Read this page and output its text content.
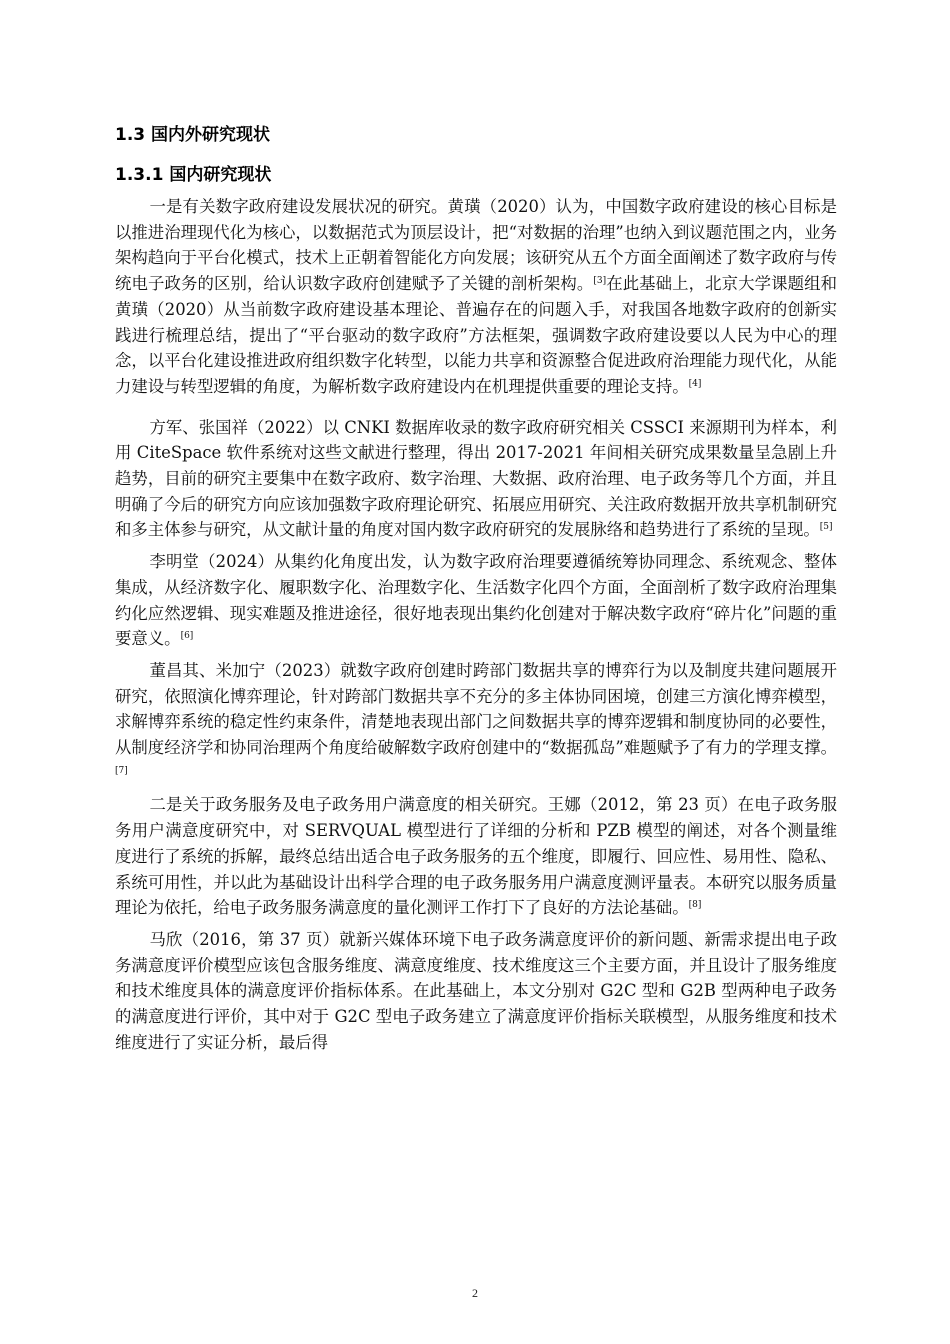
1.3 国内外研究现状
1.3.1 国内研究现状

一是有关数字政府建设发展状况的研究。黄璜（2020）认为，中国数字政府建设的核心目标是以推进治理现代化为核心，以数据范式为顶层设计，把“对数据的治理”也纳入到议题范围之内，业务架构趋向于平台化模式，技术上正朝着智能化方向发展；该研究从五个方面全面阐述了数字政府与传统电子政务的区别，给认识数字政府创建赋予了关键的剖析架构。[3]在此基础上，北京大学课题组和黄璜（2020）从当前数字政府建设基本理论、普遍存在的问题入手，对我国各地数字政府的创新实践进行梳理总结，提出了“平台驱动的数字政府”方法框架，强调数字政府建设要以人民为中心的理念，以平台化建设推进政府组织数字化转型，以能力共享和资源整合促进政府治理能力现代化，从能力建设与转型逻辑的角度，为解析数字政府建设内在机理提供重要的理论支持。[4]

方军、张国祥（2022）以 CNKI 数据库收录的数字政府研究相关 CSSCI 来源期刊为样本，利用 CiteSpace 软件系统对这些文献进行整理，得出 2017-2021 年间相关研究成果数量呈急剧上升趋势，目前的研究主要集中在数字政府、数字治理、大数据、政府治理、电子政务等几个方面，并且明确了今后的研究方向应该加强数字政府理论研究、拓展应用研究、关注政府数据开放共享机制研究和多主体参与研究，从文献计量的角度对国内数字政府研究的发展脉络和趋势进行了系统的呈现。[5]

李明堂（2024）从集约化角度出发，认为数字政府治理要遵循统筹协同理念、系统观念、整体集成，从经济数字化、履职数字化、治理数字化、生活数字化四个方面，全面剖析了数字政府治理集约化应然逻辑、现实难题及推进途径，很好地表现出集约化创建对于解决数字政府“碎片化”问题的重要意义。[6]

董昌其、米加宁（2023）就数字政府创建时跨部门数据共享的博弈行为以及制度共建问题展开研究，依照演化博弈理论，针对跨部门数据共享不充分的多主体协同困境，创建三方演化博弈模型，求解博弈系统的稳定性约束条件，清楚地表现出部门之间数据共享的博弈逻辑和制度协同的必要性，从制度经济学和协同治理两个角度给破解数字政府创建中的“数据孤岛”难题赋予了有力的学理支撑。[7]

二是关于政务服务及电子政务用户满意度的相关研究。王娜（2012，第 23 页）在电子政务服务用户满意度研究中，对 SERVQUAL 模型进行了详细的分析和 PZB 模型的阐述，对各个测量维度进行了系统的拆解，最终总结出适合电子政务服务的五个维度，即履行、回应性、易用性、隐私、系统可用性，并以此为基础设计出科学合理的电子政务服务用户满意度测评量表。本研究以服务质量理论为依托，给电子政务服务满意度的量化测评工作打下了良好的方法论基础。[8]

马欣（2016，第 37 页）就新兴媒体环境下电子政务满意度评价的新问题、新需求提出电子政务满意度评价模型应该包含服务维度、满意度维度、技术维度这三个主要方面，并且设计了服务维度和技术维度具体的满意度评价指标体系。在此基础上，本文分别对 G2C 型和 G2B 型两种电子政务的满意度进行评价，其中对于 G2C 型电子政务建立了满意度评价指标关联模型，从服务维度和技术维度进行了实证分析，最后得

2
